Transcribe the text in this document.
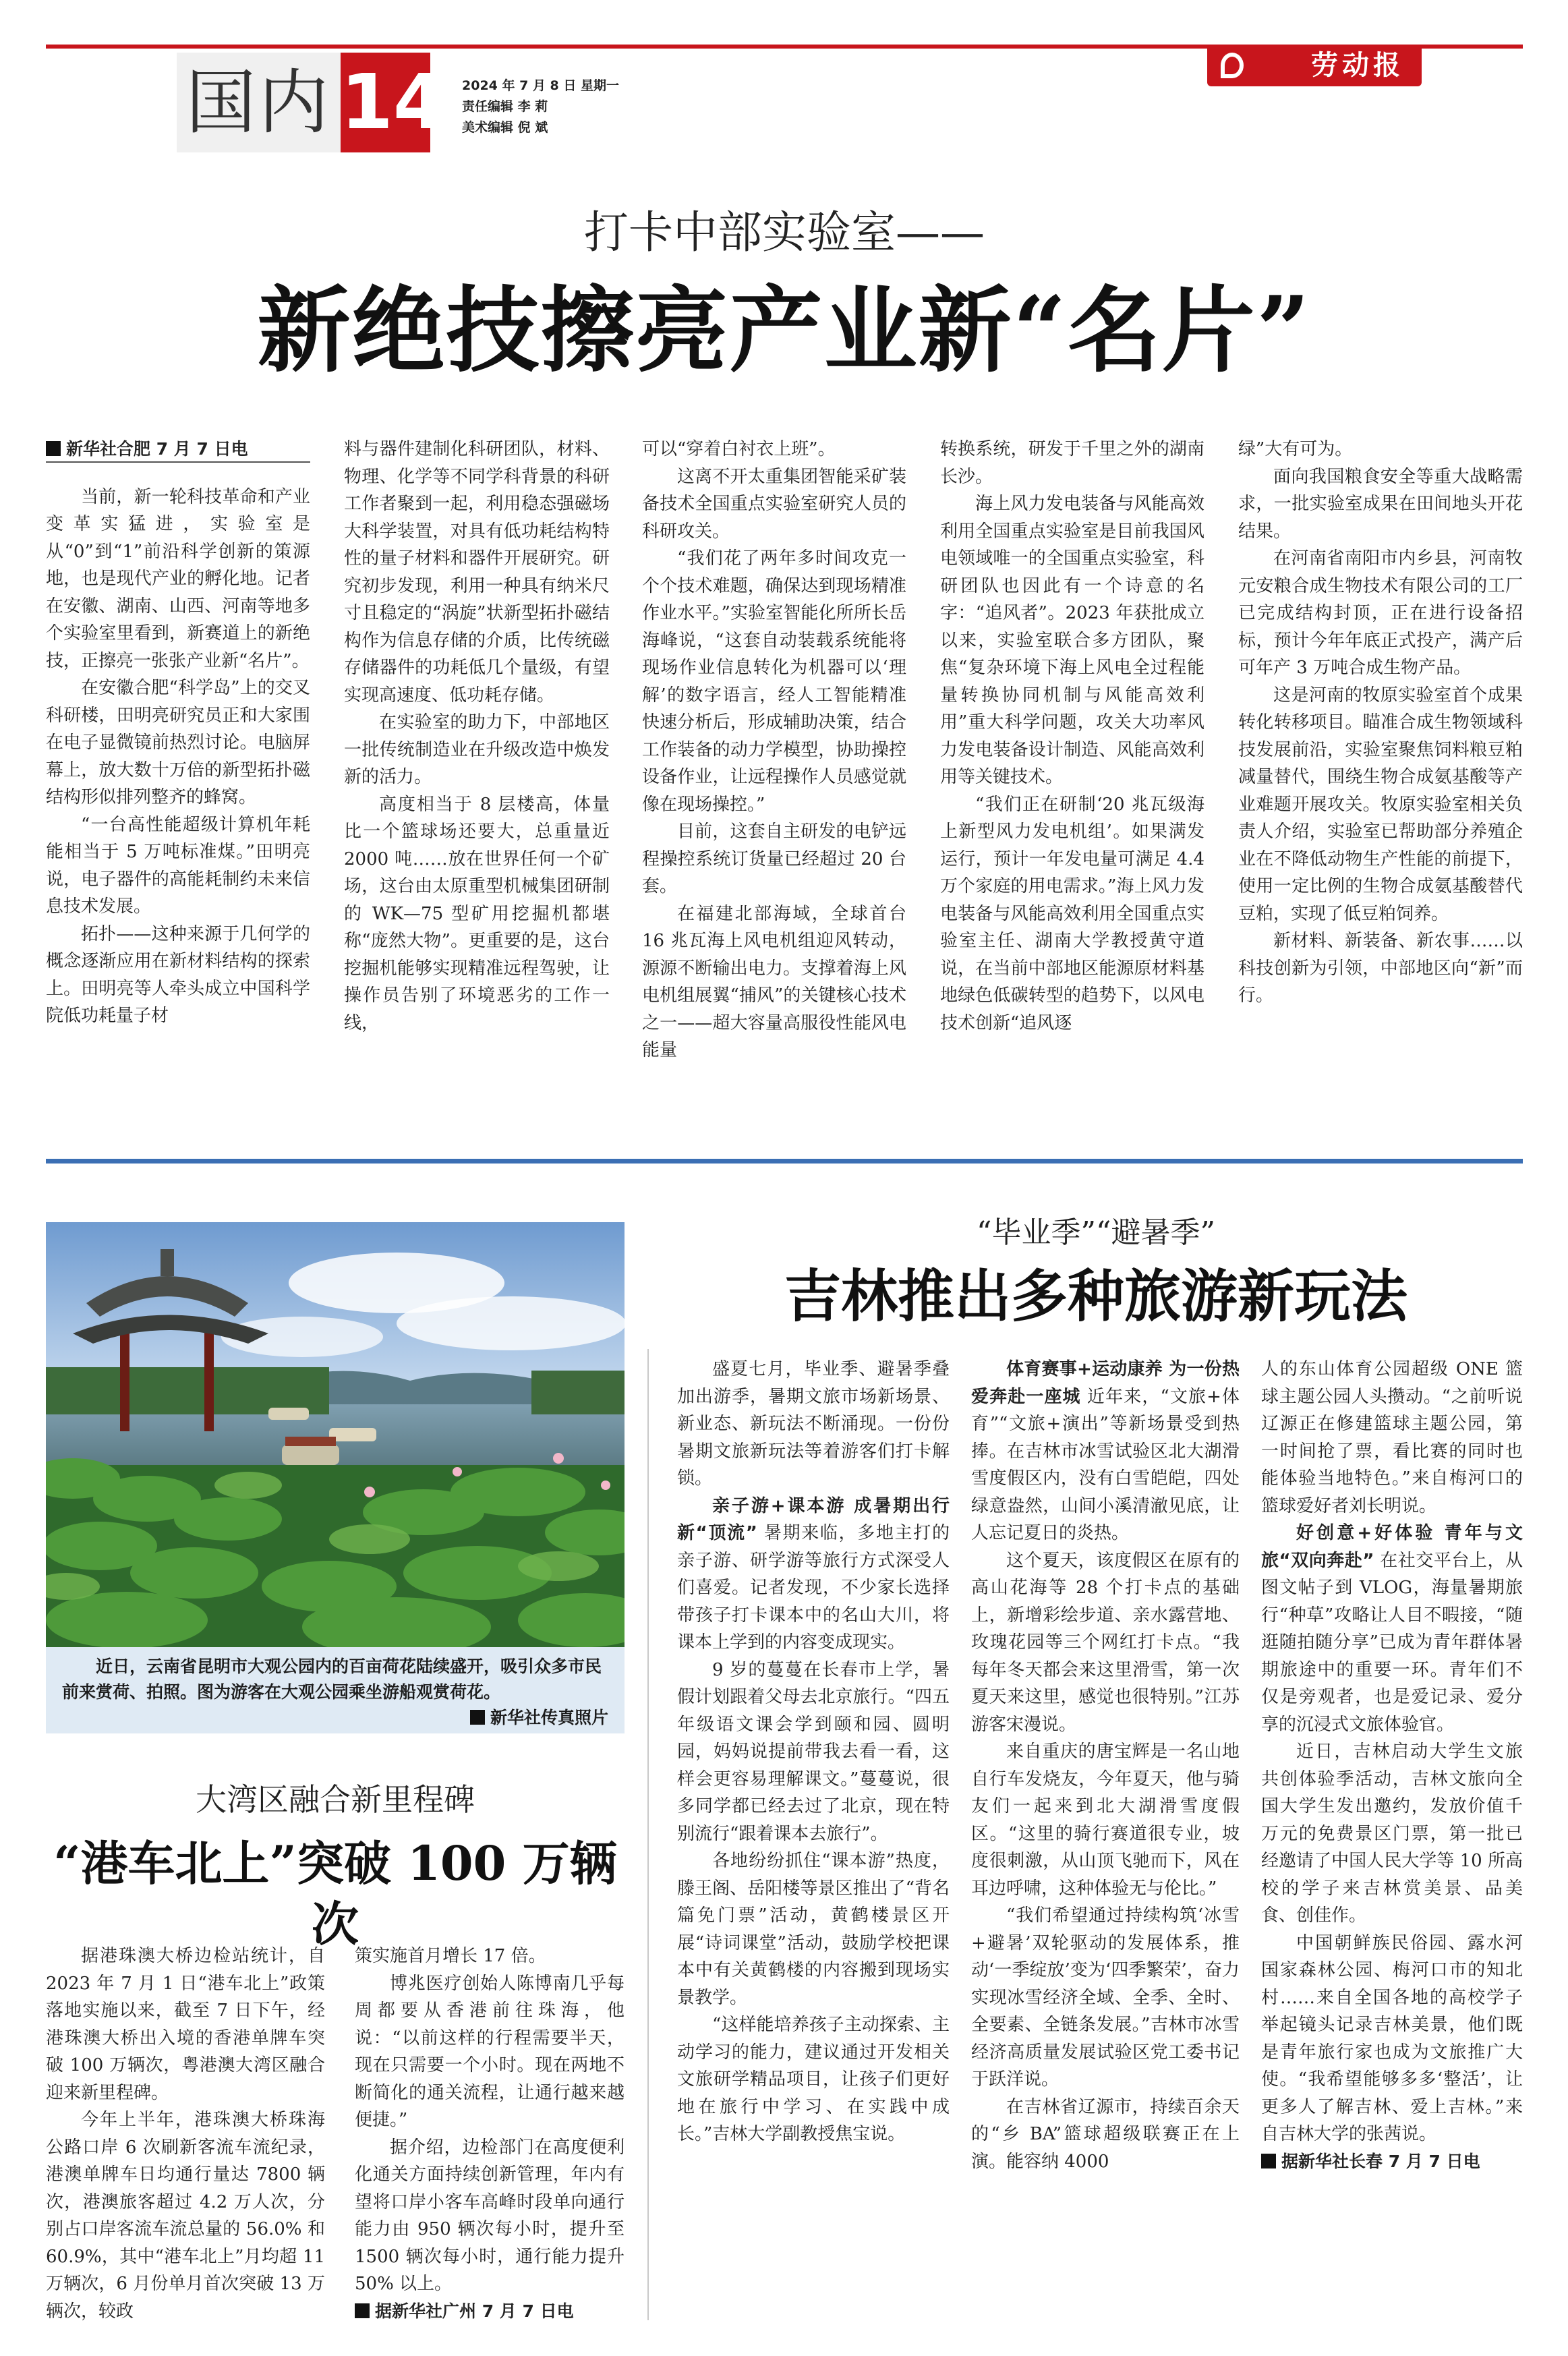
国内 14 2024 年 7 月 8 日 星期一
责任编辑 李 莉
美术编辑 倪 斌
劳动报
打卡中部实验室——
新绝技擦亮产业新“名片”

新华社合肥 7 月 7 日电

当前，新一轮科技革命和产业变革实猛进，实验室是从“0”到“1”前沿科学创新的策源地，也是现代产业的孵化地。记者在安徽、湖南、山西、河南等地多个实验室里看到，新赛道上的新绝技，正擦亮一张张产业新“名片”。

在安徽合肥“科学岛”上的交叉科研楼，田明亮研究员正和大家围在电子显微镜前热烈讨论。电脑屏幕上，放大数十万倍的新型拓扑磁结构形似排列整齐的蜂窝。

“一台高性能超级计算机年耗能相当于 5 万吨标准煤。”田明亮说，电子器件的高能耗制约未来信息技术发展。

拓扑——这种来源于几何学的概念逐渐应用在新材料结构的探索上。田明亮等人牵头成立中国科学院低功耗量子材

料与器件建制化科研团队，材料、物理、化学等不同学科背景的科研工作者聚到一起，利用稳态强磁场大科学装置，对具有低功耗结构特性的量子材料和器件开展研究。研究初步发现，利用一种具有纳米尺寸且稳定的“涡旋”状新型拓扑磁结构作为信息存储的介质，比传统磁存储器件的功耗低几个量级，有望实现高速度、低功耗存储。

在实验室的助力下，中部地区一批传统制造业在升级改造中焕发新的活力。

高度相当于 8 层楼高，体量比一个篮球场还要大，总重量近 2000 吨……放在世界任何一个矿场，这台由太原重型机械集团研制的 WK—75 型矿用挖掘机都堪称“庞然大物”。更重要的是，这台挖掘机能够实现精准远程驾驶，让操作员告别了环境恶劣的工作一线，

可以“穿着白衬衣上班”。

这离不开太重集团智能采矿装备技术全国重点实验室研究人员的科研攻关。

“我们花了两年多时间攻克一个个技术难题，确保达到现场精准作业水平。”实验室智能化所所长岳海峰说，“这套自动装载系统能将现场作业信息转化为机器可以‘理解’的数字语言，经人工智能精准快速分析后，形成辅助决策，结合工作装备的动力学模型，协助操控设备作业，让远程操作人员感觉就像在现场操控。”

目前，这套自主研发的电铲远程操控系统订货量已经超过 20 台套。

在福建北部海域，全球首台 16 兆瓦海上风电机组迎风转动，源源不断输出电力。支撑着海上风电机组展翼“捕风”的关键核心技术之一——超大容量高服役性能风电能量

转换系统，研发于千里之外的湖南长沙。

海上风力发电装备与风能高效利用全国重点实验室是目前我国风电领域唯一的全国重点实验室，科研团队也因此有一个诗意的名字：“追风者”。2023 年获批成立以来，实验室联合多方团队，聚焦“复杂环境下海上风电全过程能量转换协同机制与风能高效利用”重大科学问题，攻关大功率风力发电装备设计制造、风能高效利用等关键技术。

“我们正在研制‘20 兆瓦级海上新型风力发电机组’。如果满发运行，预计一年发电量可满足 4.4 万个家庭的用电需求。”海上风力发电装备与风能高效利用全国重点实验室主任、湖南大学教授黄守道说，在当前中部地区能源原材料基地绿色低碳转型的趋势下，以风电技术创新“追风逐

绿”大有可为。

面向我国粮食安全等重大战略需求，一批实验室成果在田间地头开花结果。

在河南省南阳市内乡县，河南牧元安粮合成生物技术有限公司的工厂已完成结构封顶，正在进行设备招标，预计今年年底正式投产，满产后可年产 3 万吨合成生物产品。

这是河南的牧原实验室首个成果转化转移项目。瞄准合成生物领域科技发展前沿，实验室聚焦饲料粮豆粕减量替代，围绕生物合成氨基酸等产业难题开展攻关。牧原实验室相关负责人介绍，实验室已帮助部分养殖企业在不降低动物生产性能的前提下，使用一定比例的生物合成氨基酸替代豆粕，实现了低豆粕饲养。

新材料、新装备、新农事……以科技创新为引领，中部地区向“新”而行。

近日，云南省昆明市大观公园内的百亩荷花陆续盛开，吸引众多市民前来赏荷、拍照。图为游客在大观公园乘坐游船观赏荷花。
新华社传真照片
大湾区融合新里程碑
“港车北上”突破 100 万辆次

据港珠澳大桥边检站统计，自 2023 年 7 月 1 日“港车北上”政策落地实施以来，截至 7 日下午，经港珠澳大桥出入境的香港单牌车突破 100 万辆次，粤港澳大湾区融合迎来新里程碑。

今年上半年，港珠澳大桥珠海公路口岸 6 次刷新客流车流纪录，港澳单牌车日均通行量达 7800 辆次，港澳旅客超过 4.2 万人次，分别占口岸客流车流总量的 56.0% 和 60.9%，其中“港车北上”月均超 11 万辆次，6 月份单月首次突破 13 万辆次，较政

策实施首月增长 17 倍。

博兆医疗创始人陈博南几乎每周都要从香港前往珠海，他说：“以前这样的行程需要半天，现在只需要一个小时。现在两地不断简化的通关流程，让通行越来越便捷。”

据介绍，边检部门在高度便利化通关方面持续创新管理，年内有望将口岸小客车高峰时段单向通行能力由 950 辆次每小时，提升至 1500 辆次每小时，通行能力提升 50% 以上。

据新华社广州 7 月 7 日电

“毕业季”“避暑季”
吉林推出多种旅游新玩法

盛夏七月，毕业季、避暑季叠加出游季，暑期文旅市场新场景、新业态、新玩法不断涌现。一份份暑期文旅新玩法等着游客们打卡解锁。

亲子游+课本游 成暑期出行新“顶流” 暑期来临，多地主打的亲子游、研学游等旅行方式深受人们喜爱。记者发现，不少家长选择带孩子打卡课本中的名山大川，将课本上学到的内容变成现实。

9 岁的蔓蔓在长春市上学，暑假计划跟着父母去北京旅行。“四五年级语文课会学到颐和园、圆明园，妈妈说提前带我去看一看，这样会更容易理解课文。”蔓蔓说，很多同学都已经去过了北京，现在特别流行“跟着课本去旅行”。

各地纷纷抓住“课本游”热度，滕王阁、岳阳楼等景区推出了“背名篇免门票”活动，黄鹤楼景区开展“诗词课堂”活动，鼓励学校把课本中有关黄鹤楼的内容搬到现场实景教学。

“这样能培养孩子主动探索、主动学习的能力，建议通过开发相关文旅研学精品项目，让孩子们更好地在旅行中学习、在实践中成长。”吉林大学副教授焦宝说。

体育赛事+运动康养 为一份热爱奔赴一座城 近年来，“文旅+体育”“文旅+演出”等新场景受到热捧。在吉林市冰雪试验区北大湖滑雪度假区内，没有白雪皑皑，四处绿意盎然，山间小溪清澈见底，让人忘记夏日的炎热。

这个夏天，该度假区在原有的高山花海等 28 个打卡点的基础上，新增彩绘步道、亲水露营地、玫瑰花园等三个网红打卡点。“我每年冬天都会来这里滑雪，第一次夏天来这里，感觉也很特别。”江苏游客宋漫说。

来自重庆的唐宝辉是一名山地自行车发烧友，今年夏天，他与骑友们一起来到北大湖滑雪度假区。“这里的骑行赛道很专业，坡度很刺激，从山顶飞驰而下，风在耳边呼啸，这种体验无与伦比。”

“我们希望通过持续构筑‘冰雪+避暑’双轮驱动的发展体系，推动‘一季绽放’变为‘四季繁荣’，奋力实现冰雪经济全域、全季、全时、全要素、全链条发展。”吉林市冰雪经济高质量发展试验区党工委书记于跃洋说。

在吉林省辽源市，持续百余天的“乡 BA”篮球超级联赛正在上演。能容纳 4000

人的东山体育公园超级 ONE 篮球主题公园人头攒动。“之前听说辽源正在修建篮球主题公园，第一时间抢了票，看比赛的同时也能体验当地特色。”来自梅河口的篮球爱好者刘长明说。

好创意+好体验 青年与文旅“双向奔赴” 在社交平台上，从图文帖子到 VLOG，海量暑期旅行“种草”攻略让人目不暇接，“随逛随拍随分享”已成为青年群体暑期旅途中的重要一环。青年们不仅是旁观者，也是爱记录、爱分享的沉浸式文旅体验官。

近日，吉林启动大学生文旅共创体验季活动，吉林文旅向全国大学生发出邀约，发放价值千万元的免费景区门票，第一批已经邀请了中国人民大学等 10 所高校的学子来吉林赏美景、品美食、创佳作。

中国朝鲜族民俗园、露水河国家森林公园、梅河口市的知北村……来自全国各地的高校学子举起镜头记录吉林美景，他们既是青年旅行家也成为文旅推广大使。“我希望能够多多‘整活’，让更多人了解吉林、爱上吉林。”来自吉林大学的张茜说。

据新华社长春 7 月 7 日电
